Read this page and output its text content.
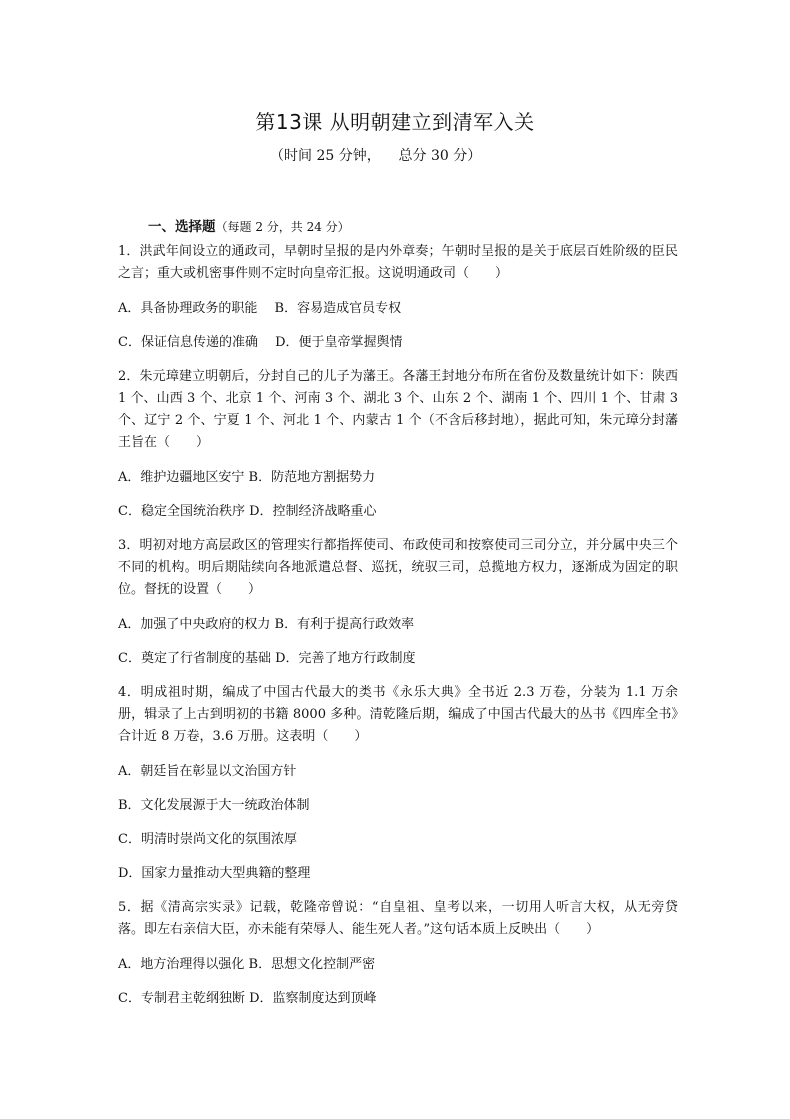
第13课 从明朝建立到清军入关
（时间 25 分钟，    总分 30 分）
一、选择题（每题 2 分，共 24 分）

1．洪武年间设立的通政司，早朝时呈报的是内外章奏；午朝时呈报的是关于底层百姓阶级的臣民之言；重大或机密事件则不定时向皇帝汇报。这说明通政司（　　）

A．具备协理政务的职能　 B．容易造成官员专权

C．保证信息传递的准确　 D．便于皇帝掌握舆情

2．朱元璋建立明朝后，分封自己的儿子为藩王。各藩王封地分布所在省份及数量统计如下：陕西 1 个、山西 3 个、北京 1 个、河南 3 个、湖北 3 个、山东 2 个、湖南 1 个、四川 1 个、甘肃 3 个、辽宁 2 个、宁夏 1 个、河北 1 个、内蒙古 1 个（不含后移封地），据此可知，朱元璋分封藩王旨在（　　）

A．维护边疆地区安宁 B．防范地方割据势力

C．稳定全国统治秩序 D．控制经济战略重心

3．明初对地方高层政区的管理实行都指挥使司、布政使司和按察使司三司分立，并分属中央三个不同的机构。明后期陆续向各地派遣总督、巡抚，统驭三司，总揽地方权力，逐渐成为固定的职位。督抚的设置（　　）

A．加强了中央政府的权力 B．有利于提高行政效率

C．奠定了行省制度的基础 D．完善了地方行政制度

4．明成祖时期，编成了中国古代最大的类书《永乐大典》全书近 2.3 万卷，分装为 1.1 万余册，辑录了上古到明初的书籍 8000 多种。清乾隆后期，编成了中国古代最大的丛书《四库全书》合计近 8 万卷，3.6 万册。这表明（　　）

A．朝廷旨在彰显以文治国方针

B．文化发展源于大一统政治体制

C．明清时崇尚文化的氛围浓厚

D．国家力量推动大型典籍的整理

5．据《清高宗实录》记载，乾隆帝曾说：“自皇祖、皇考以来，一切用人听言大权，从无旁贷落。即左右亲信大臣，亦未能有荣辱人、能生死人者。”这句话本质上反映出（　　）

A．地方治理得以强化 B．思想文化控制严密

C．专制君主乾纲独断 D．监察制度达到顶峰
